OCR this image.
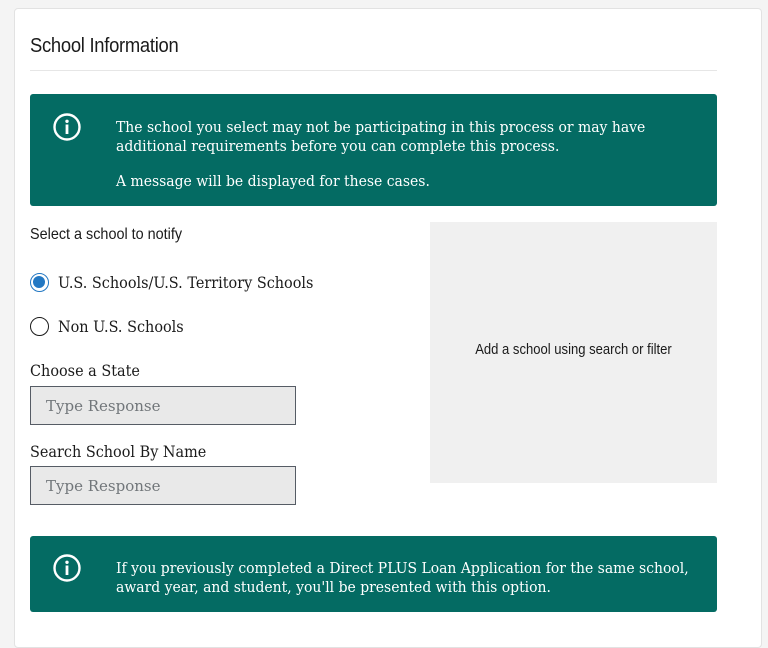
School Information
The school you select may not be participating in this process or may have additional requirements before you can complete this process.
A message will be displayed for these cases.
Select a school to notify
U.S. Schools/U.S. Territory Schools
Non U.S. Schools
Choose a State
Type Response
Search School By Name
Type Response
Add a school using search or filter
If you previously completed a Direct PLUS Loan Application for the same school, award year, and student, you'll be presented with this option.
